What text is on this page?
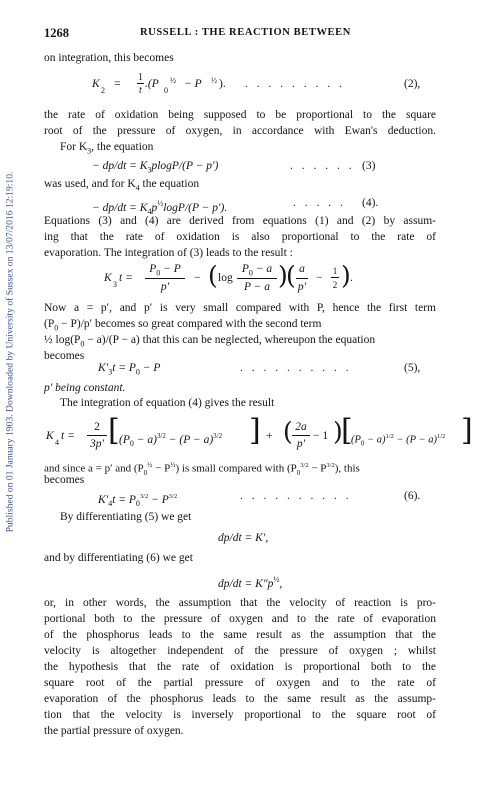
Published on 01 January 1903. Downloaded by University of Sussex on 13/07/2016 12:19:10.
1268	RUSSELL : THE REACTION BETWEEN
on integration, this becomes
K
2
=
1
t
.(P
0
½ − P ½ ). . . . . . . . . .	(2),
the rate of oxidation being supposed to be proportional to the square
root of the pressure of oxygen, in accordance with Ewan's deduction.
For $K_3$, the equation
− $dp/dt = K_3plogP/(P - p')$	. . . . . . (3)
was used, and for $K_4$ the equation
− $dp/dt = K_4p^{\frac{1}{2}}\log P/(P - p')$.	. . . . . (4).
Equations (3) and (4) are derived from equations (1) and (2) by assum-
ing that the rate of oxidation is also proportional to the rate of
evaporation. The integration of (3) leads to the result :
K
3
t =
$P_0 - P$
p′
− ( log
$P_0 - a$
P − a )
( a
p′
−
1
2 ) .
Now a = p′, and p′ is very small compared with P, hence the first term
$(P_0 - P)/p'$ becomes so great compared with the second term
½ $\log(P_0 - a)/(P - a)$ that this can be neglected, whereupon the equation
becomes
$K'_3t = P_0 - P$	. . . . . . . . . .	(5),
p′ being constant.
The integration of equation (4) gives the result
K
4
t =
2
3p′ [ $(P_0 - a)^{3/2} - (P - a)^{3/2}$ ] + ( 2a
p′
− 1 )
[
$(P_0 - a)^{1/2} - (P - a)^{1/2}$ ]
and since a = p′ and $(P_0^{\frac{1}{2}} - P^{\frac{1}{2}})$ is small compared with $(P_0^{3/2} - P^{3/2})$, this
becomes
$K'_4t = P_0^{3/2} - P^{3/2}$	. . . . . . . . . .	(6).
By differentiating (5) we get
dp/dt = K′,
and by differentiating (6) we get
$dp/dt = K''p^{\frac{1}{2}}$,
or, in other words, the assumption that the velocity of reaction is pro-
portional both to the pressure of oxygen and to the rate of evaporation
of the phosphorus leads to the same result as the assumption that the
velocity is altogether independent of the pressure of oxygen ; whilst
the hypothesis that the rate of oxidation is proportional both to the
square root of the partial pressure of oxygen and to the rate of
evaporation of the phosphorus leads to the same result as the assump-
tion that the velocity is inversely proportional to the square root of
the partial pressure of oxygen.
